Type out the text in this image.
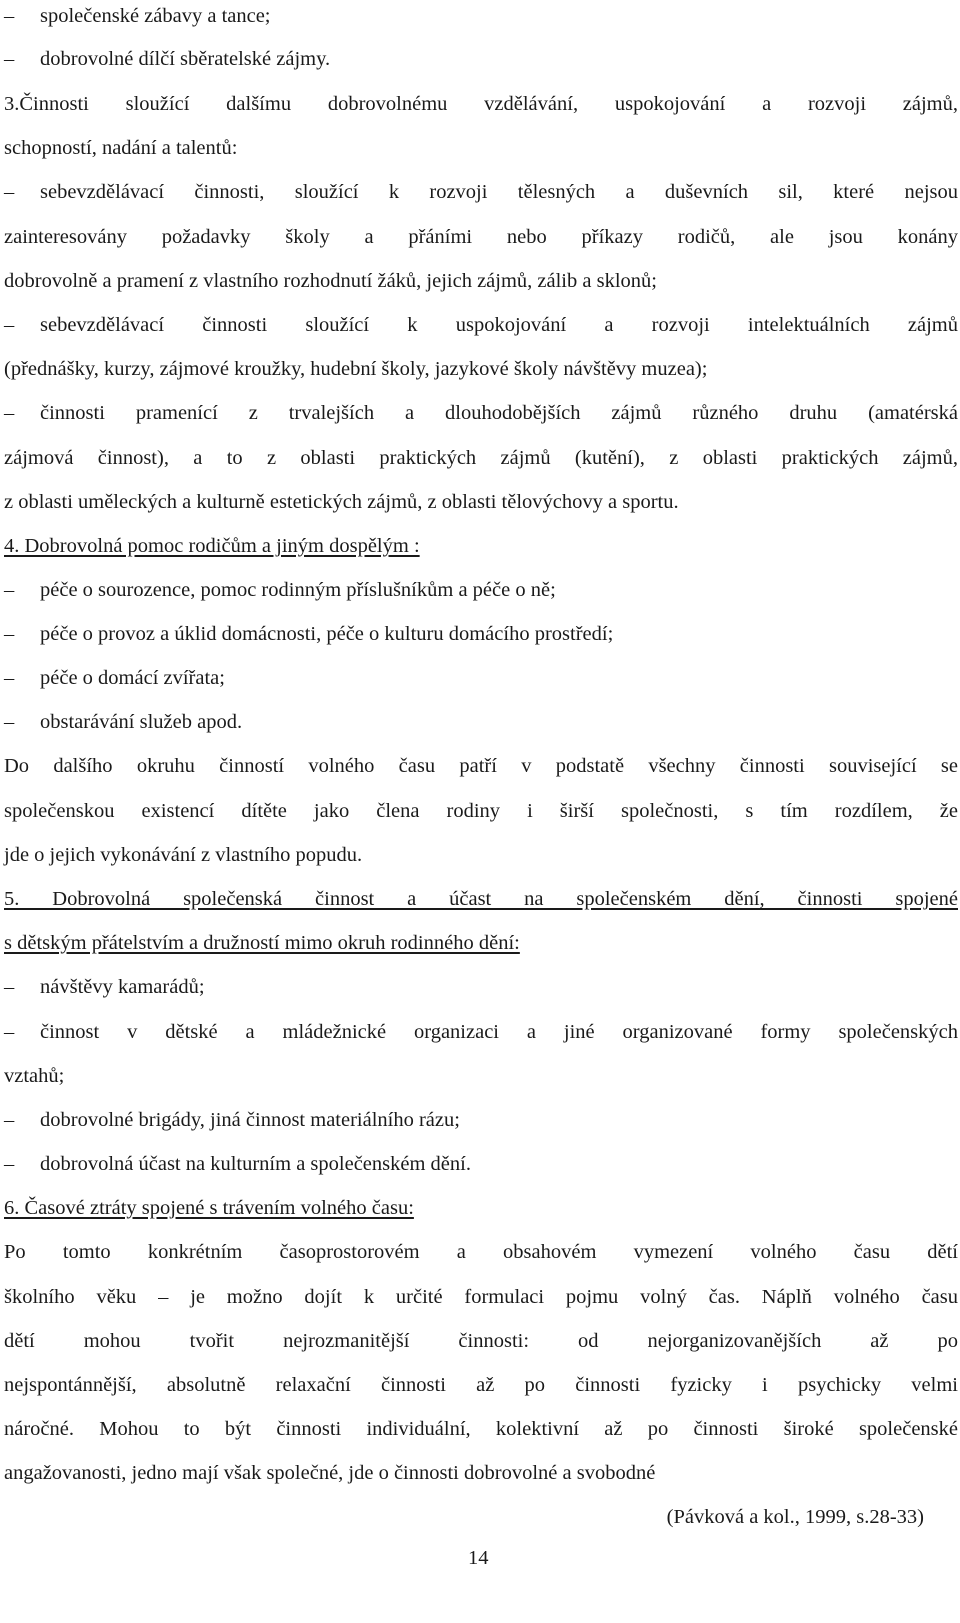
– společenské zábavy a tance;
– dobrovolné dílčí sběratelské zájmy.
3.Činnosti sloužící dalšímu dobrovolnému vzdělávání, uspokojování a rozvoji zájmů,
schopností, nadání a talentů:
– sebevzdělávací činnosti, sloužící k rozvoji tělesných a duševních sil, které nejsou
zainteresovány požadavky školy a přáními nebo příkazy rodičů, ale jsou konány
dobrovolně a pramení z vlastního rozhodnutí žáků, jejich zájmů, zálib a sklonů;
– sebevzdělávací činnosti sloužící k uspokojování a rozvoji intelektuálních zájmů
(přednášky, kurzy, zájmové kroužky, hudební školy, jazykové školy návštěvy muzea);
– činnosti pramenící z trvalejších a dlouhodobějších zájmů různého druhu (amatérská
zájmová činnost), a to z oblasti praktických zájmů (kutění), z oblasti praktických zájmů,
z oblasti uměleckých a kulturně estetických zájmů, z oblasti tělovýchovy a sportu.
4. Dobrovolná pomoc rodičům a jiným dospělým :
– péče o sourozence, pomoc rodinným příslušníkům a péče o ně;
– péče o provoz a úklid domácnosti, péče o kulturu domácího prostředí;
– péče o domácí zvířata;
– obstarávání služeb apod.
Do dalšího okruhu činností volného času patří v podstatě všechny činnosti související se
společenskou existencí dítěte jako člena rodiny i širší společnosti, s tím rozdílem, že
jde o jejich vykonávání z vlastního popudu.
5. Dobrovolná společenská činnost a účast na společenském dění, činnosti spojené
s dětským přátelstvím a družností mimo okruh rodinného dění:
– návštěvy kamarádů;
– činnost v dětské a mládežnické organizaci a jiné organizované formy společenských
vztahů;
– dobrovolné brigády, jiná činnost materiálního rázu;
– dobrovolná účast na kulturním a společenském dění.
6. Časové ztráty spojené s trávením volného času:
Po tomto konkrétním časoprostorovém a obsahovém vymezení volného času dětí
školního věku – je možno dojít k určité formulaci pojmu volný čas. Náplň volného času
dětí mohou tvořit nejrozmanitější činnosti: od nejorganizovanějších až po
nejspontánnější, absolutně relaxační činnosti až po činnosti fyzicky i psychicky velmi
náročné. Mohou to být činnosti individuální, kolektivní až po činnosti široké společenské
angažovanosti, jedno mají však společné, jde o činnosti dobrovolné a svobodné
(Pávková a kol., 1999, s.28-33)
14
